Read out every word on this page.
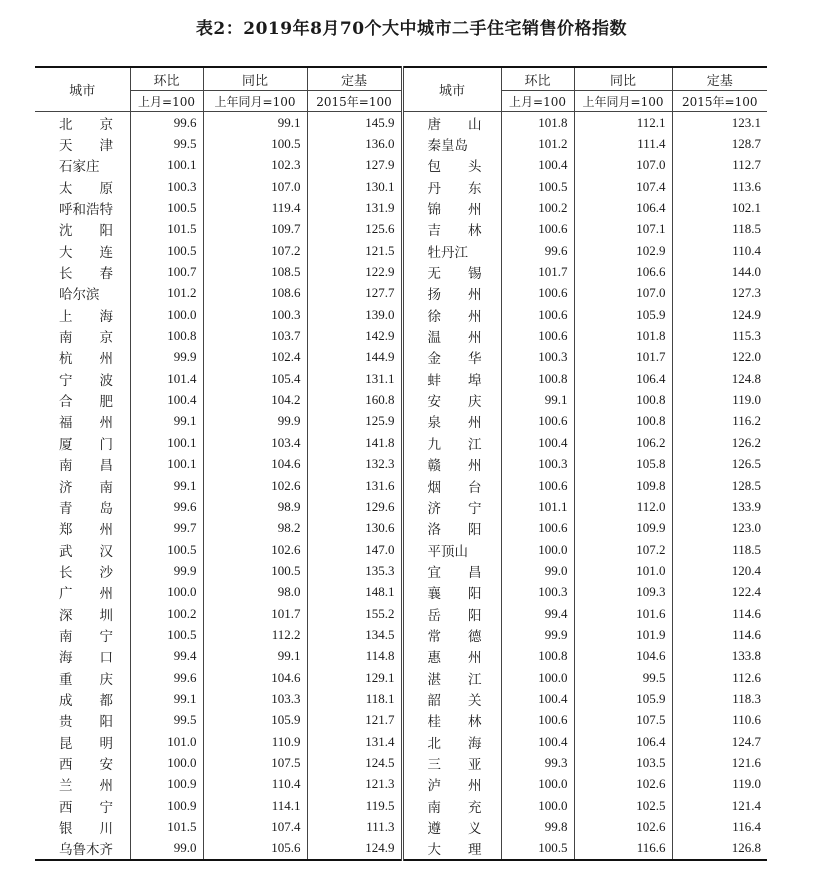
表2：2019年8月70个大中城市二手住宅销售价格指数
城市	环比	同比	定基	城市	环比	同比	定基
	上月=100	上年同月=100	2015年=100		上月=100	上年同月=100	2015年=100
北　　京	99.6	99.1	145.9	唐　　山	101.8	112.1	123.1
天　　津	99.5	100.5	136.0	秦皇岛	101.2	111.4	128.7
石家庄	100.1	102.3	127.9	包　　头	100.4	107.0	112.7
太　　原	100.3	107.0	130.1	丹　　东	100.5	107.4	113.6
呼和浩特	100.5	119.4	131.9	锦　　州	100.2	106.4	102.1
沈　　阳	101.5	109.7	125.6	吉　　林	100.6	107.1	118.5
大　　连	100.5	107.2	121.5	牡丹江	99.6	102.9	110.4
长　　春	100.7	108.5	122.9	无　　锡	101.7	106.6	144.0
哈尔滨	101.2	108.6	127.7	扬　　州	100.6	107.0	127.3
上　　海	100.0	100.3	139.0	徐　　州	100.6	105.9	124.9
南　　京	100.8	103.7	142.9	温　　州	100.6	101.8	115.3
杭　　州	99.9	102.4	144.9	金　　华	100.3	101.7	122.0
宁　　波	101.4	105.4	131.1	蚌　　埠	100.8	106.4	124.8
合　　肥	100.4	104.2	160.8	安　　庆	99.1	100.8	119.0
福　　州	99.1	99.9	125.9	泉　　州	100.6	100.8	116.2
厦　　门	100.1	103.4	141.8	九　　江	100.4	106.2	126.2
南　　昌	100.1	104.6	132.3	赣　　州	100.3	105.8	126.5
济　　南	99.1	102.6	131.6	烟　　台	100.6	109.8	128.5
青　　岛	99.6	98.9	129.6	济　　宁	101.1	112.0	133.9
郑　　州	99.7	98.2	130.6	洛　　阳	100.6	109.9	123.0
武　　汉	100.5	102.6	147.0	平顶山	100.0	107.2	118.5
长　　沙	99.9	100.5	135.3	宜　　昌	99.0	101.0	120.4
广　　州	100.0	98.0	148.1	襄　　阳	100.3	109.3	122.4
深　　圳	100.2	101.7	155.2	岳　　阳	99.4	101.6	114.6
南　　宁	100.5	112.2	134.5	常　　德	99.9	101.9	114.6
海　　口	99.4	99.1	114.8	惠　　州	100.8	104.6	133.8
重　　庆	99.6	104.6	129.1	湛　　江	100.0	99.5	112.6
成　　都	99.1	103.3	118.1	韶　　关	100.4	105.9	118.3
贵　　阳	99.5	105.9	121.7	桂　　林	100.6	107.5	110.6
昆　　明	101.0	110.9	131.4	北　　海	100.4	106.4	124.7
西　　安	100.0	107.5	124.5	三　　亚	99.3	103.5	121.6
兰　　州	100.9	110.4	121.3	泸　　州	100.0	102.6	119.0
西　　宁	100.9	114.1	119.5	南　　充	100.0	102.5	121.4
银　　川	101.5	107.4	111.3	遵　　义	99.8	102.6	116.4
乌鲁木齐	99.0	105.6	124.9	大　　理	100.5	116.6	126.8
